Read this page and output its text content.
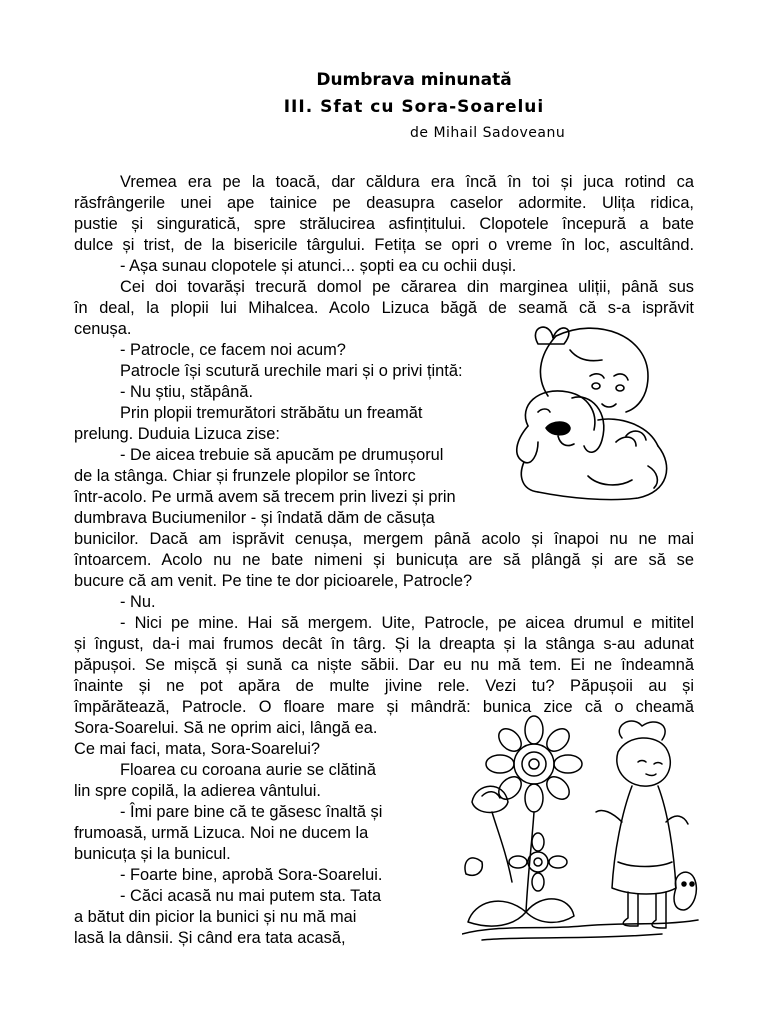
Dumbrava minunată
III. Sfat cu Sora-Soarelui
de Mihail Sadoveanu
Vremea era pe la toacă, dar căldura era încă în toi și juca rotind ca
răsfrângerile unei ape tainice pe deasupra caselor adormite. Ulița ridica,
pustie și singuratică, spre strălucirea asfințitului. Clopotele începură a bate
dulce și trist, de la bisericile târgului. Fetița se opri o vreme în loc, ascultând.
- Așa sunau clopotele și atunci... șopti ea cu ochii duși.
Cei doi tovarăși trecură domol pe cărarea din marginea uliții, până sus
în deal, la plopii lui Mihalcea. Acolo Lizuca băgă de seamă că s-a isprăvit
cenușa.
- Patrocle, ce facem noi acum?
Patrocle își scutură urechile mari și o privi țintă:
- Nu știu, stăpână.
Prin plopii tremurători străbătu un freamăt
prelung. Duduia Lizuca zise:
- De aicea trebuie să apucăm pe drumușorul
de la stânga. Chiar și frunzele plopilor se întorc
într-acolo. Pe urmă avem să trecem prin livezi și prin
dumbrava Buciumenilor - și îndată dăm de căsuța
bunicilor. Dacă am isprăvit cenușa, mergem până acolo și înapoi nu ne mai
întoarcem. Acolo nu ne bate nimeni și bunicuța are să plângă și are să se
bucure că am venit. Pe tine te dor picioarele, Patrocle?
- Nu.
- Nici pe mine. Hai să mergem. Uite, Patrocle, pe aicea drumul e mititel
și îngust, da-i mai frumos decât în târg. Și la dreapta și la stânga s-au adunat
păpușoi. Se mișcă și sună ca niște săbii. Dar eu nu mă tem. Ei ne îndeamnă
înainte și ne pot apăra de multe jivine rele. Vezi tu? Păpușoii au și
împărătează, Patrocle. O floare mare și mândră: bunica zice că o cheamă
Sora-Soarelui. Să ne oprim aici, lângă ea.
Ce mai faci, mata, Sora-Soarelui?
Floarea cu coroana aurie se clătină
lin spre copilă, la adierea vântului.
- Îmi pare bine că te găsesc înaltă și
frumoasă, urmă Lizuca. Noi ne ducem la
bunicuța și la bunicul.
- Foarte bine, aprobă Sora-Soarelui.
- Căci acasă nu mai putem sta. Tata
a bătut din picior la bunici și nu mă mai
lasă la dânsii. Și când era tata acasă,
